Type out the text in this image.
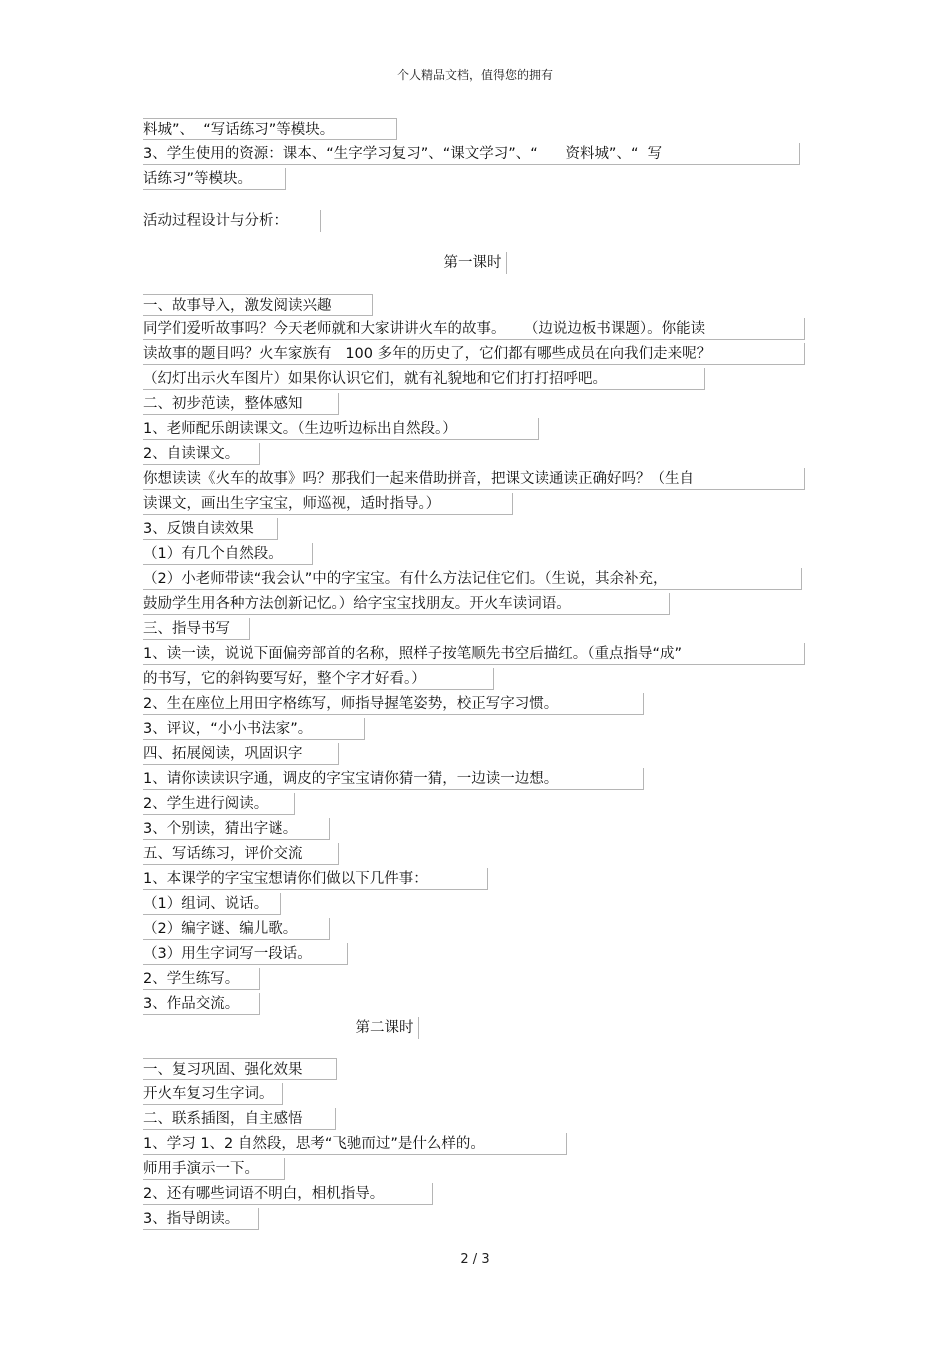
个人精品文档，值得您的拥有
料城”、  “写话练习”等模块。
3、学生使用的资源：课本、“生字学习复习”、“课文学习”、“      资料城”、“  写
话练习”等模块。
活动过程设计与分析：
第一课时
一、故事导入，激发阅读兴趣
同学们爱听故事吗？今天老师就和大家讲讲火车的故事。    （边说边板书课题）。你能读
读故事的题目吗？火车家族有   100 多年的历史了，它们都有哪些成员在向我们走来呢？
（幻灯出示火车图片）如果你认识它们，就有礼貌地和它们打打招呼吧。
二、初步范读，整体感知
1、老师配乐朗读课文。（生边听边标出自然段。）
2、自读课文。
你想读读《火车的故事》吗？那我们一起来借助拼音，把课文读通读正确好吗？（生自
读课文，画出生字宝宝，师巡视，适时指导。）
3、反馈自读效果
（1）有几个自然段。
（2）小老师带读“我会认”中的字宝宝。有什么方法记住它们。（生说，其余补充，
鼓励学生用各种方法创新记忆。）给字宝宝找朋友。开火车读词语。
三、指导书写
1、读一读，说说下面偏旁部首的名称，照样子按笔顺先书空后描红。（重点指导“成”
的书写，它的斜钩要写好，整个字才好看。）
2、生在座位上用田字格练写，师指导握笔姿势，校正写字习惯。
3、评议，“小小书法家”。
四、拓展阅读，巩固识字
1、请你读读识字通，调皮的字宝宝请你猜一猜，一边读一边想。
2、学生进行阅读。
3、个别读，猜出字谜。
五、写话练习，评价交流
1、本课学的字宝宝想请你们做以下几件事：
（1）组词、说话。
（2）编字谜、编儿歌。
（3）用生字词写一段话。
2、学生练写。
3、作品交流。
第二课时
一、复习巩固、强化效果
开火车复习生字词。
二、联系插图，自主感悟
1、学习 1、2 自然段，思考“飞驰而过”是什么样的。
师用手演示一下。
2、还有哪些词语不明白，相机指导。
3、指导朗读。
2 / 3
